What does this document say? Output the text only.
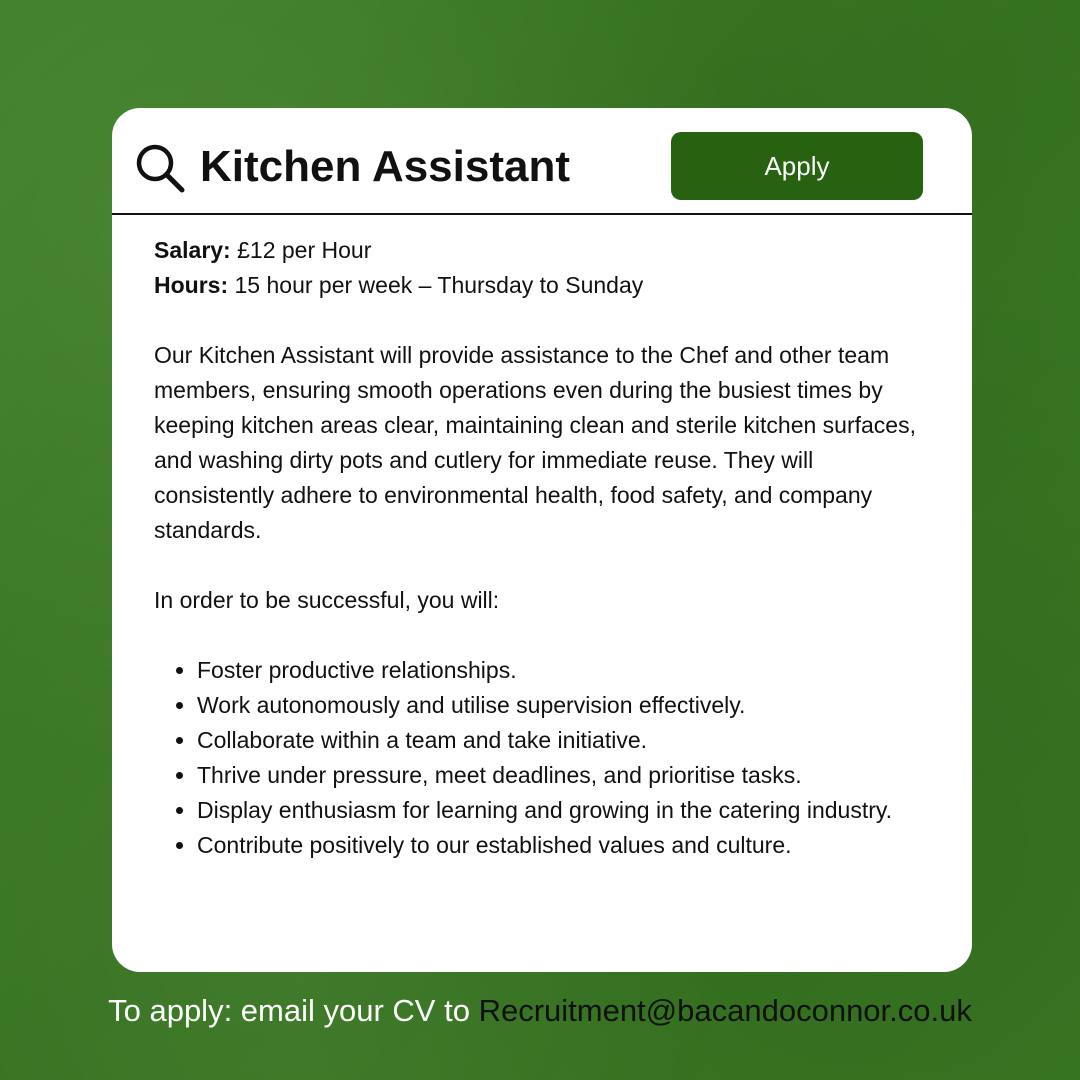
Kitchen Assistant	Apply

Salary: £12 per Hour

Hours: 15 hour per week – Thursday to Sunday

Our Kitchen Assistant will provide assistance to the Chef and other team members, ensuring smooth operations even during the busiest times by keeping kitchen areas clear, maintaining clean and sterile kitchen surfaces, and washing dirty pots and cutlery for immediate reuse. They will consistently adhere to environmental health, food safety, and company standards.

In order to be successful, you will:

• Foster productive relationships.
• Work autonomously and utilise supervision effectively.
• Collaborate within a team and take initiative.
• Thrive under pressure, meet deadlines, and prioritise tasks.
• Display enthusiasm for learning and growing in the catering industry.
• Contribute positively to our established values and culture.
To apply: email your CV to Recruitment@bacandoconnor.co.uk
